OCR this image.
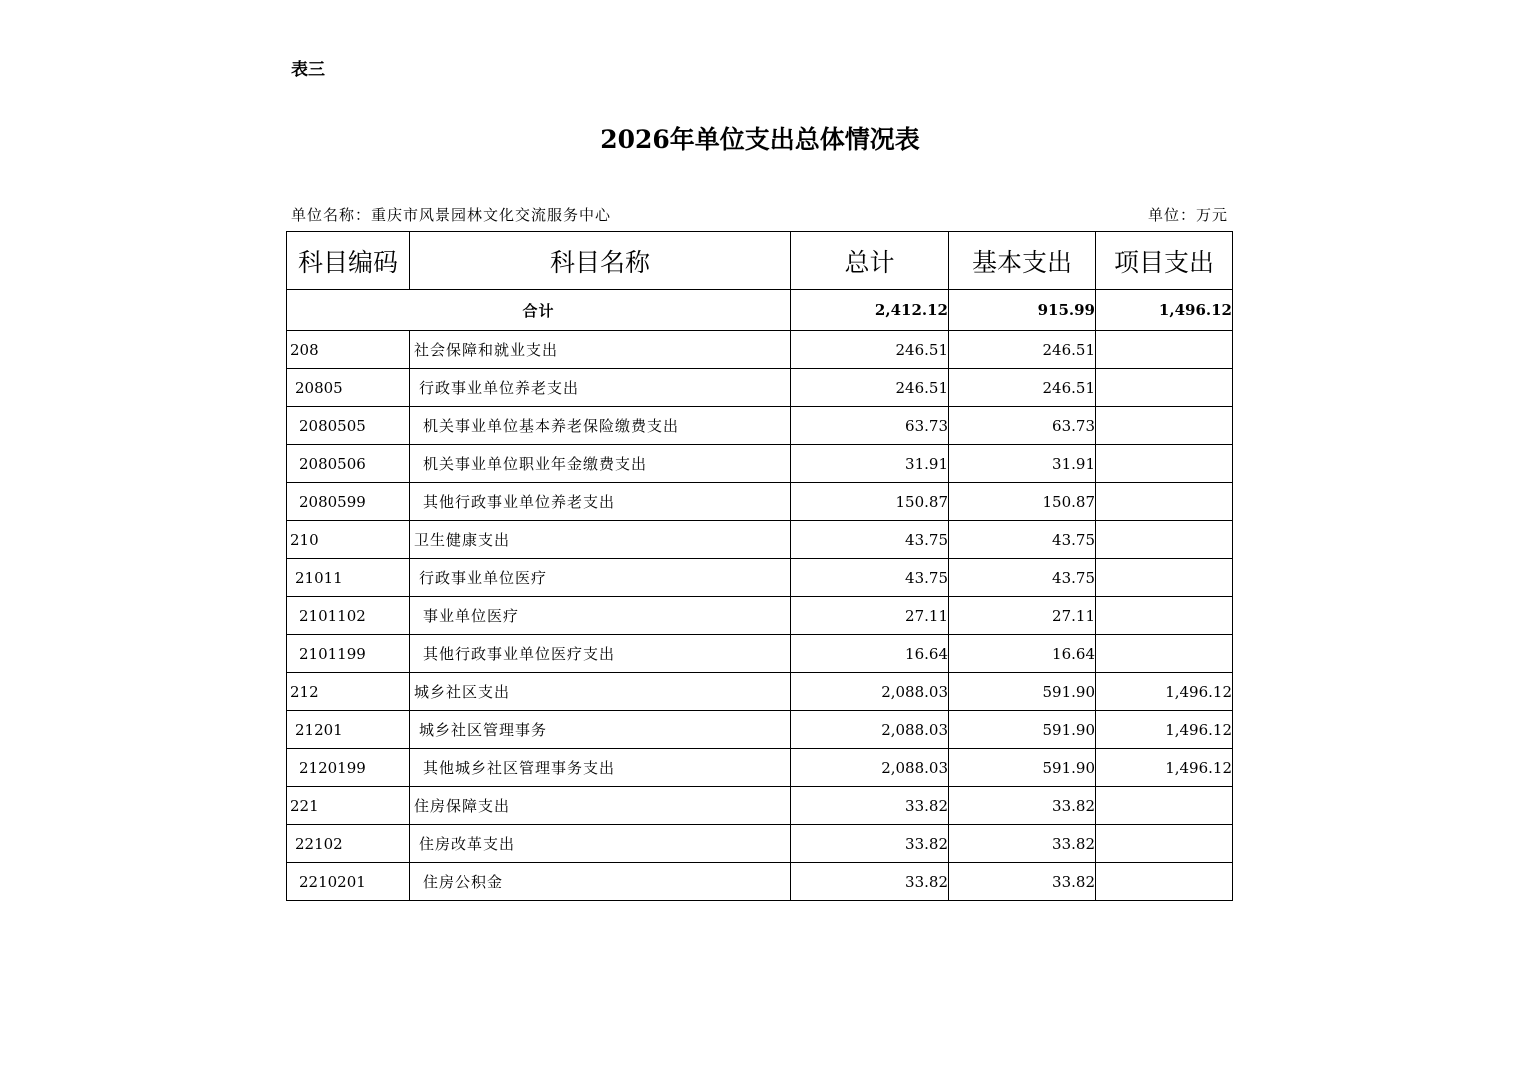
表三
2026年单位支出总体情况表
单位名称：重庆市风景园林文化交流服务中心	单位：万元
科目编码	科目名称	总计	基本支出	项目支出
合计		2,412.12	915.99	1,496.12
208	社会保障和就业支出	246.51	246.51	
20805	行政事业单位养老支出	246.51	246.51	
2080505	机关事业单位基本养老保险缴费支出	63.73	63.73	
2080506	机关事业单位职业年金缴费支出	31.91	31.91	
2080599	其他行政事业单位养老支出	150.87	150.87	
210	卫生健康支出	43.75	43.75	
21011	行政事业单位医疗	43.75	43.75	
2101102	事业单位医疗	27.11	27.11	
2101199	其他行政事业单位医疗支出	16.64	16.64	
212	城乡社区支出	2,088.03	591.90	1,496.12
21201	城乡社区管理事务	2,088.03	591.90	1,496.12
2120199	其他城乡社区管理事务支出	2,088.03	591.90	1,496.12
221	住房保障支出	33.82	33.82	
22102	住房改革支出	33.82	33.82	
2210201	住房公积金	33.82	33.82	
